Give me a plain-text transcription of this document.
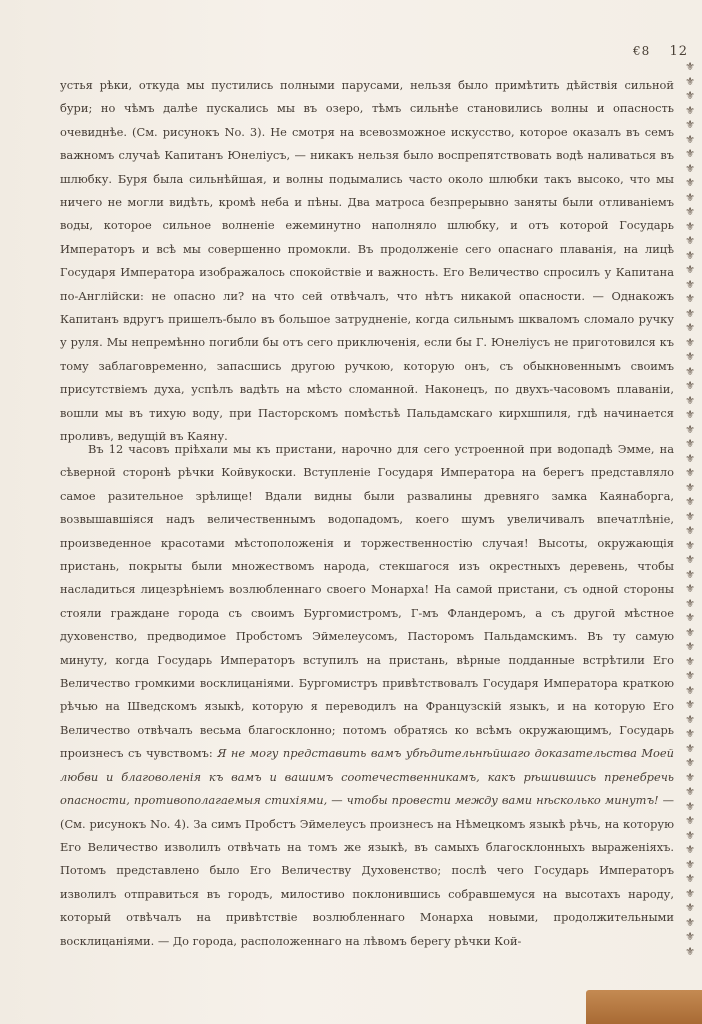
€8 12

устья рѣки, откуда мы пустились полными парусами, нельзя было примѣтить дѣйствія сильной бури; но чѣмъ далѣе пускались мы въ озеро, тѣмъ сильнѣе становились волны и опасность очевиднѣе. (См. рисунокъ No. 3). Не смотря на всевозможное искусство, которое оказалъ въ семъ важномъ случаѣ Капитанъ Юнеліусъ, — никакъ нельзя было воспрепятствовать водѣ наливаться въ шлюбку. Буря была сильнѣйшая, и волны подымались часто около шлюбки такъ высоко, что мы ничего не могли видѣть, кромѣ неба и пѣны. Два матроса безпрерывно заняты были отливаніемъ воды, которое сильное волненіе ежеминутно наполняло шлюбку, и отъ которой Государь Императоръ и всѣ мы совершенно промокли. Въ продолженіе сего опаснаго плаванія, на лицѣ Государя Императора изображалось спокойствіе и важность. Его Величество спросилъ у Капитана по-Англійски: не опасно ли? на что сей отвѣчалъ, что нѣтъ никакой опасности. — Однакожъ Капитанъ вдругъ пришелъ-было въ большое затрудненіе, когда сильнымъ шкваломъ сломало ручку у руля. Мы непремѣнно погибли бы отъ сего приключенія, если бы Г. Юнеліусъ не приготовился къ тому заблаговременно, запасшись другою ручкою, которую онъ, съ обыкновеннымъ своимъ присутствіемъ духа, успѣлъ вадѣть на мѣсто сломанной. Наконецъ, по двухъ-часовомъ плаваніи, вошли мы въ тихую воду, при Пасторскомъ помѣстьѣ Пальдамскаго кирхшпиля, гдѣ начинается проливъ, ведущій въ Каяну.

Въ 12 часовъ пріѣхали мы къ пристани, нарочно для сего устроенной при водопадѣ Эмме, на сѣверной сторонѣ рѣчки Койвукоски. Вступленіе Государя Императора на берегъ представляло самое разительное зрѣлище! Вдали видны были развалины древняго замка Каянаборга, возвышавшіяся надъ величественнымъ водопадомъ, коего шумъ увеличивалъ впечатлѣніе, произведенное красотами мѣстоположенія и торжественностію случая! Высоты, окружающія пристань, покрыты были множествомъ народа, стекшагося изъ окрестныхъ деревень, чтобы насладиться лицезрѣніемъ возлюбленнаго своего Монарха! На самой пристани, съ одной стороны стояли граждане города съ своимъ Бургомистромъ, Г-мъ Фландеромъ, а съ другой мѣстное духовенство, предводимое Пробстомъ Эймелеусомъ, Пасторомъ Пальдамскимъ. Въ ту самую минуту, когда Государь Императоръ вступилъ на пристань, вѣрные подданные встрѣтили Его Величество громкими восклицаніями. Бургомистръ привѣтствовалъ Государя Императора краткою рѣчью на Шведскомъ языкѣ, которую я переводилъ на Французскій языкъ, и на которую Его Величество отвѣчалъ весьма благосклонно; потомъ обратясь ко всѣмъ окружающимъ, Государь произнесъ съ чувствомъ: Я не могу представить вамъ убѣдительнѣйшаго доказательства Моей любви и благоволенія къ вамъ и вашимъ соотечественникамъ, какъ рѣшившись пренебречь опасности, противополагаемыя стихіями, — чтобы провести между вами нѣсколько минутъ! — (См. рисунокъ No. 4). За симъ Пробстъ Эймелеусъ произнесъ на Нѣмецкомъ языкѣ рѣчь, на которую Его Величество изволилъ отвѣчать на томъ же языкѣ, въ самыхъ благосклонныхъ выраженіяхъ. Потомъ представлено было Его Величеству Духовенство; послѣ чего Государь Императоръ изволилъ отправиться въ городъ, милостиво поклонившись собравшемуся на высотахъ народу, который отвѣчалъ на привѣтствіе возлюбленнаго Монарха новыми, продолжительными восклицаніями. — До города, расположеннаго на лѣвомъ берегу рѣчки Кой-

⚜
⚜
⚜
⚜
⚜
⚜
⚜
⚜
⚜
⚜
⚜
⚜
⚜
⚜
⚜
⚜
⚜
⚜
⚜
⚜
⚜
⚜
⚜
⚜
⚜
⚜
⚜
⚜
⚜
⚜
⚜
⚜
⚜
⚜
⚜
⚜
⚜
⚜
⚜
⚜
⚜
⚜
⚜
⚜
⚜
⚜
⚜
⚜
⚜
⚜
⚜
⚜
⚜
⚜
⚜
⚜
⚜
⚜
⚜
⚜
⚜
⚜
